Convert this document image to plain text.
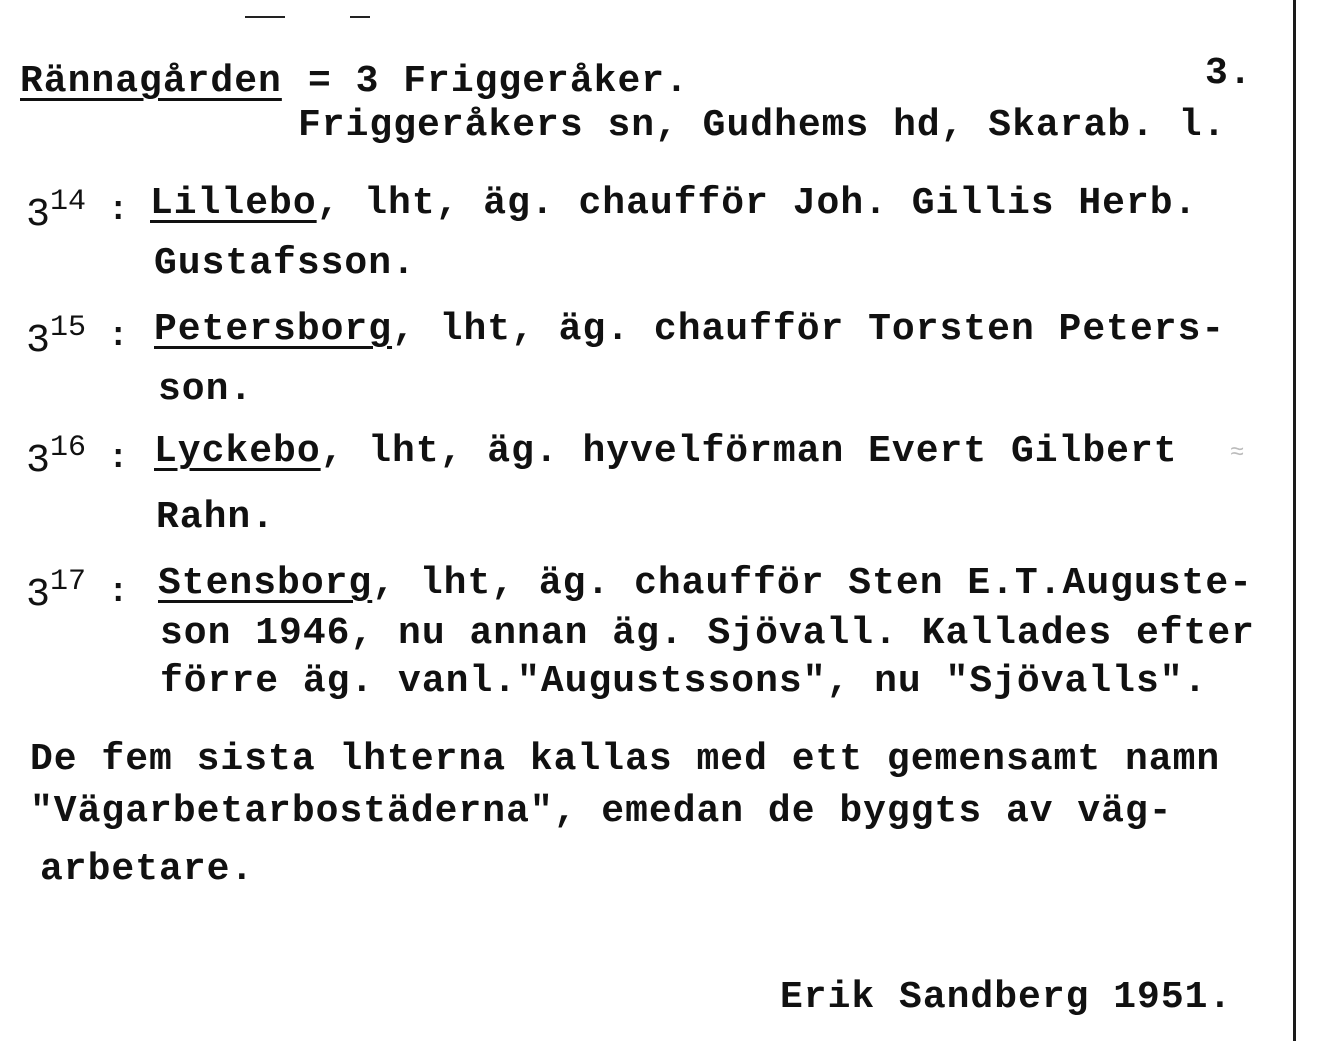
Rännagården = 3 Friggeråker.	3.
Friggeråkers sn, Gudhems hd, Skarab. l.
$3^{14}$ : Lillebo, lht, äg. chaufför Joh. Gillis Herb.
Gustafsson.
$3^{15}$ : Petersborg, lht, äg. chaufför Torsten Peters-
son.
$3^{16}$ : Lyckebo, lht, äg. hyvelförman Evert Gilbert ≈
Rahn.
$3^{17}$ : Stensborg, lht, äg. chaufför Sten E.T.Auguste-
son 1946, nu annan äg. Sjövall. Kallades efter
förre äg. vanl."Augustssons", nu "Sjövalls".
De fem sista lhterna kallas med ett gemensamt namn
"Vägarbetarbostäderna", emedan de byggts av väg-
arbetare.
Erik Sandberg 1951.
